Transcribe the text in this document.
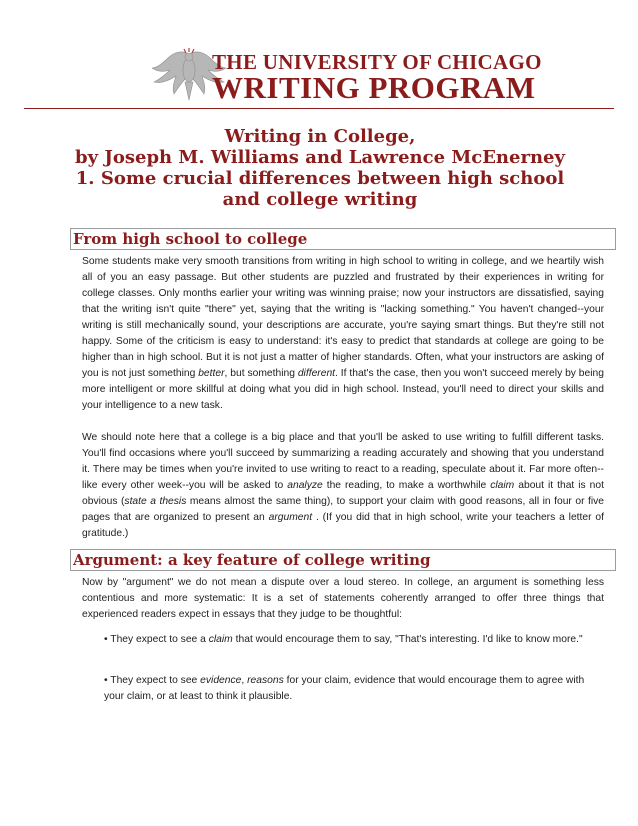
THE UNIVERSITY OF CHICAGO
WRITING PROGRAM
Writing in College,
by Joseph M. Williams and Lawrence McEnerney
1. Some crucial differences between high school
and college writing
From high school to college

Some students make very smooth transitions from writing in high school to writing in college, and we heartily wish all of you an easy passage. But other students are puzzled and frustrated by their experiences in writing for college classes. Only months earlier your writing was winning praise; now your instructors are dissatisfied, saying that the writing isn't quite "there" yet, saying that the writing is "lacking something." You haven't changed--your writing is still mechanically sound, your descriptions are accurate, you're saying smart things. But they're still not happy. Some of the criticism is easy to understand: it's easy to predict that standards at college are going to be higher than in high school. But it is not just a matter of higher standards. Often, what your instructors are asking of you is not just something better, but something different. If that's the case, then you won't succeed merely by being more intelligent or more skillful at doing what you did in high school. Instead, you'll need to direct your skills and your intelligence to a new task.

We should note here that a college is a big place and that you'll be asked to use writing to fulfill different tasks. You'll find occasions where you'll succeed by summarizing a reading accurately and showing that you understand it. There may be times when you're invited to use writing to react to a reading, speculate about it. Far more often--like every other week--you will be asked to analyze the reading, to make a worthwhile claim about it that is not obvious (state a thesis means almost the same thing), to support your claim with good reasons, all in four or five pages that are organized to present an argument . (If you did that in high school, write your teachers a letter of gratitude.)

Argument: a key feature of college writing
Now by "argument" we do not mean a dispute over a loud stereo. In college, an argument is something less contentious and more systematic: It is a set of statements coherently arranged to offer three things that experienced readers expect in essays that they judge to be thoughtful:
• They expect to see a claim that would encourage them to say, "That's interesting. I'd like to know more."
• They expect to see evidence, reasons for your claim, evidence that would encourage them to agree with your claim, or at least to think it plausible.
